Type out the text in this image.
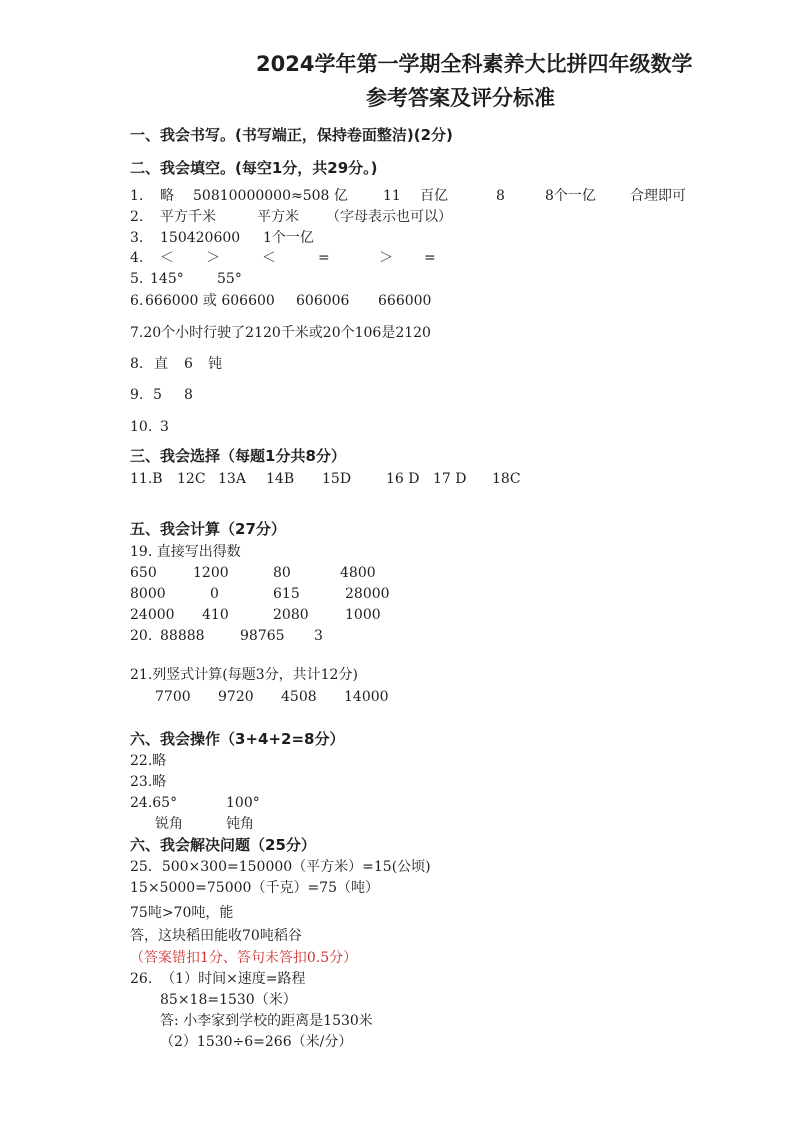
2024学年第一学期全科素养大比拼四年级数学
参考答案及评分标准
一、我会书写。(书写端正，保持卷面整洁)(2分)
二、我会填空。(每空1分，共29分。)
1. 略 50810000000≈508 亿	11 百亿	8	8个一亿 合理即可
2. 平方千米	平方米 （字母表示也可以）
3. 150420600 1个一亿
4. ＜ ＞	＜	=	＞ =
5. 145° 55°
6. 666000 或 606600 606006 666000
7.20个小时行驶了2120千米或20个106是2120
8. 直 6 钝
9. 5 8
10. 3
三、我会选择（每题1分共8分）
11.B 12C 13A 14B 15D 16 D 17 D 18C
五、我会计算（27分）
19. 直接写出得数
650	1200	80	4800
8000	0	615	28000
24000 410	2080	1000
20. 88888	98765 3
21.列竖式计算(每题3分，共计12分)
7700 9720 4508 14000
六、我会操作（3+4+2=8分）
22.略
23.略
24.65°	100°
锐角	钝角
六、我会解决问题（25分）
25．500×300=150000（平方米）=15(公顷)
15×5000=75000（千克）=75（吨）
75吨>70吨，能
答，这块稻田能收70吨稻谷
（答案错扣1分、答句未答扣0.5分）
26.  （1）时间×速度=路程
85×18=1530（米）
答: 小李家到学校的距离是1530米
（2）1530÷6=266（米/分）
